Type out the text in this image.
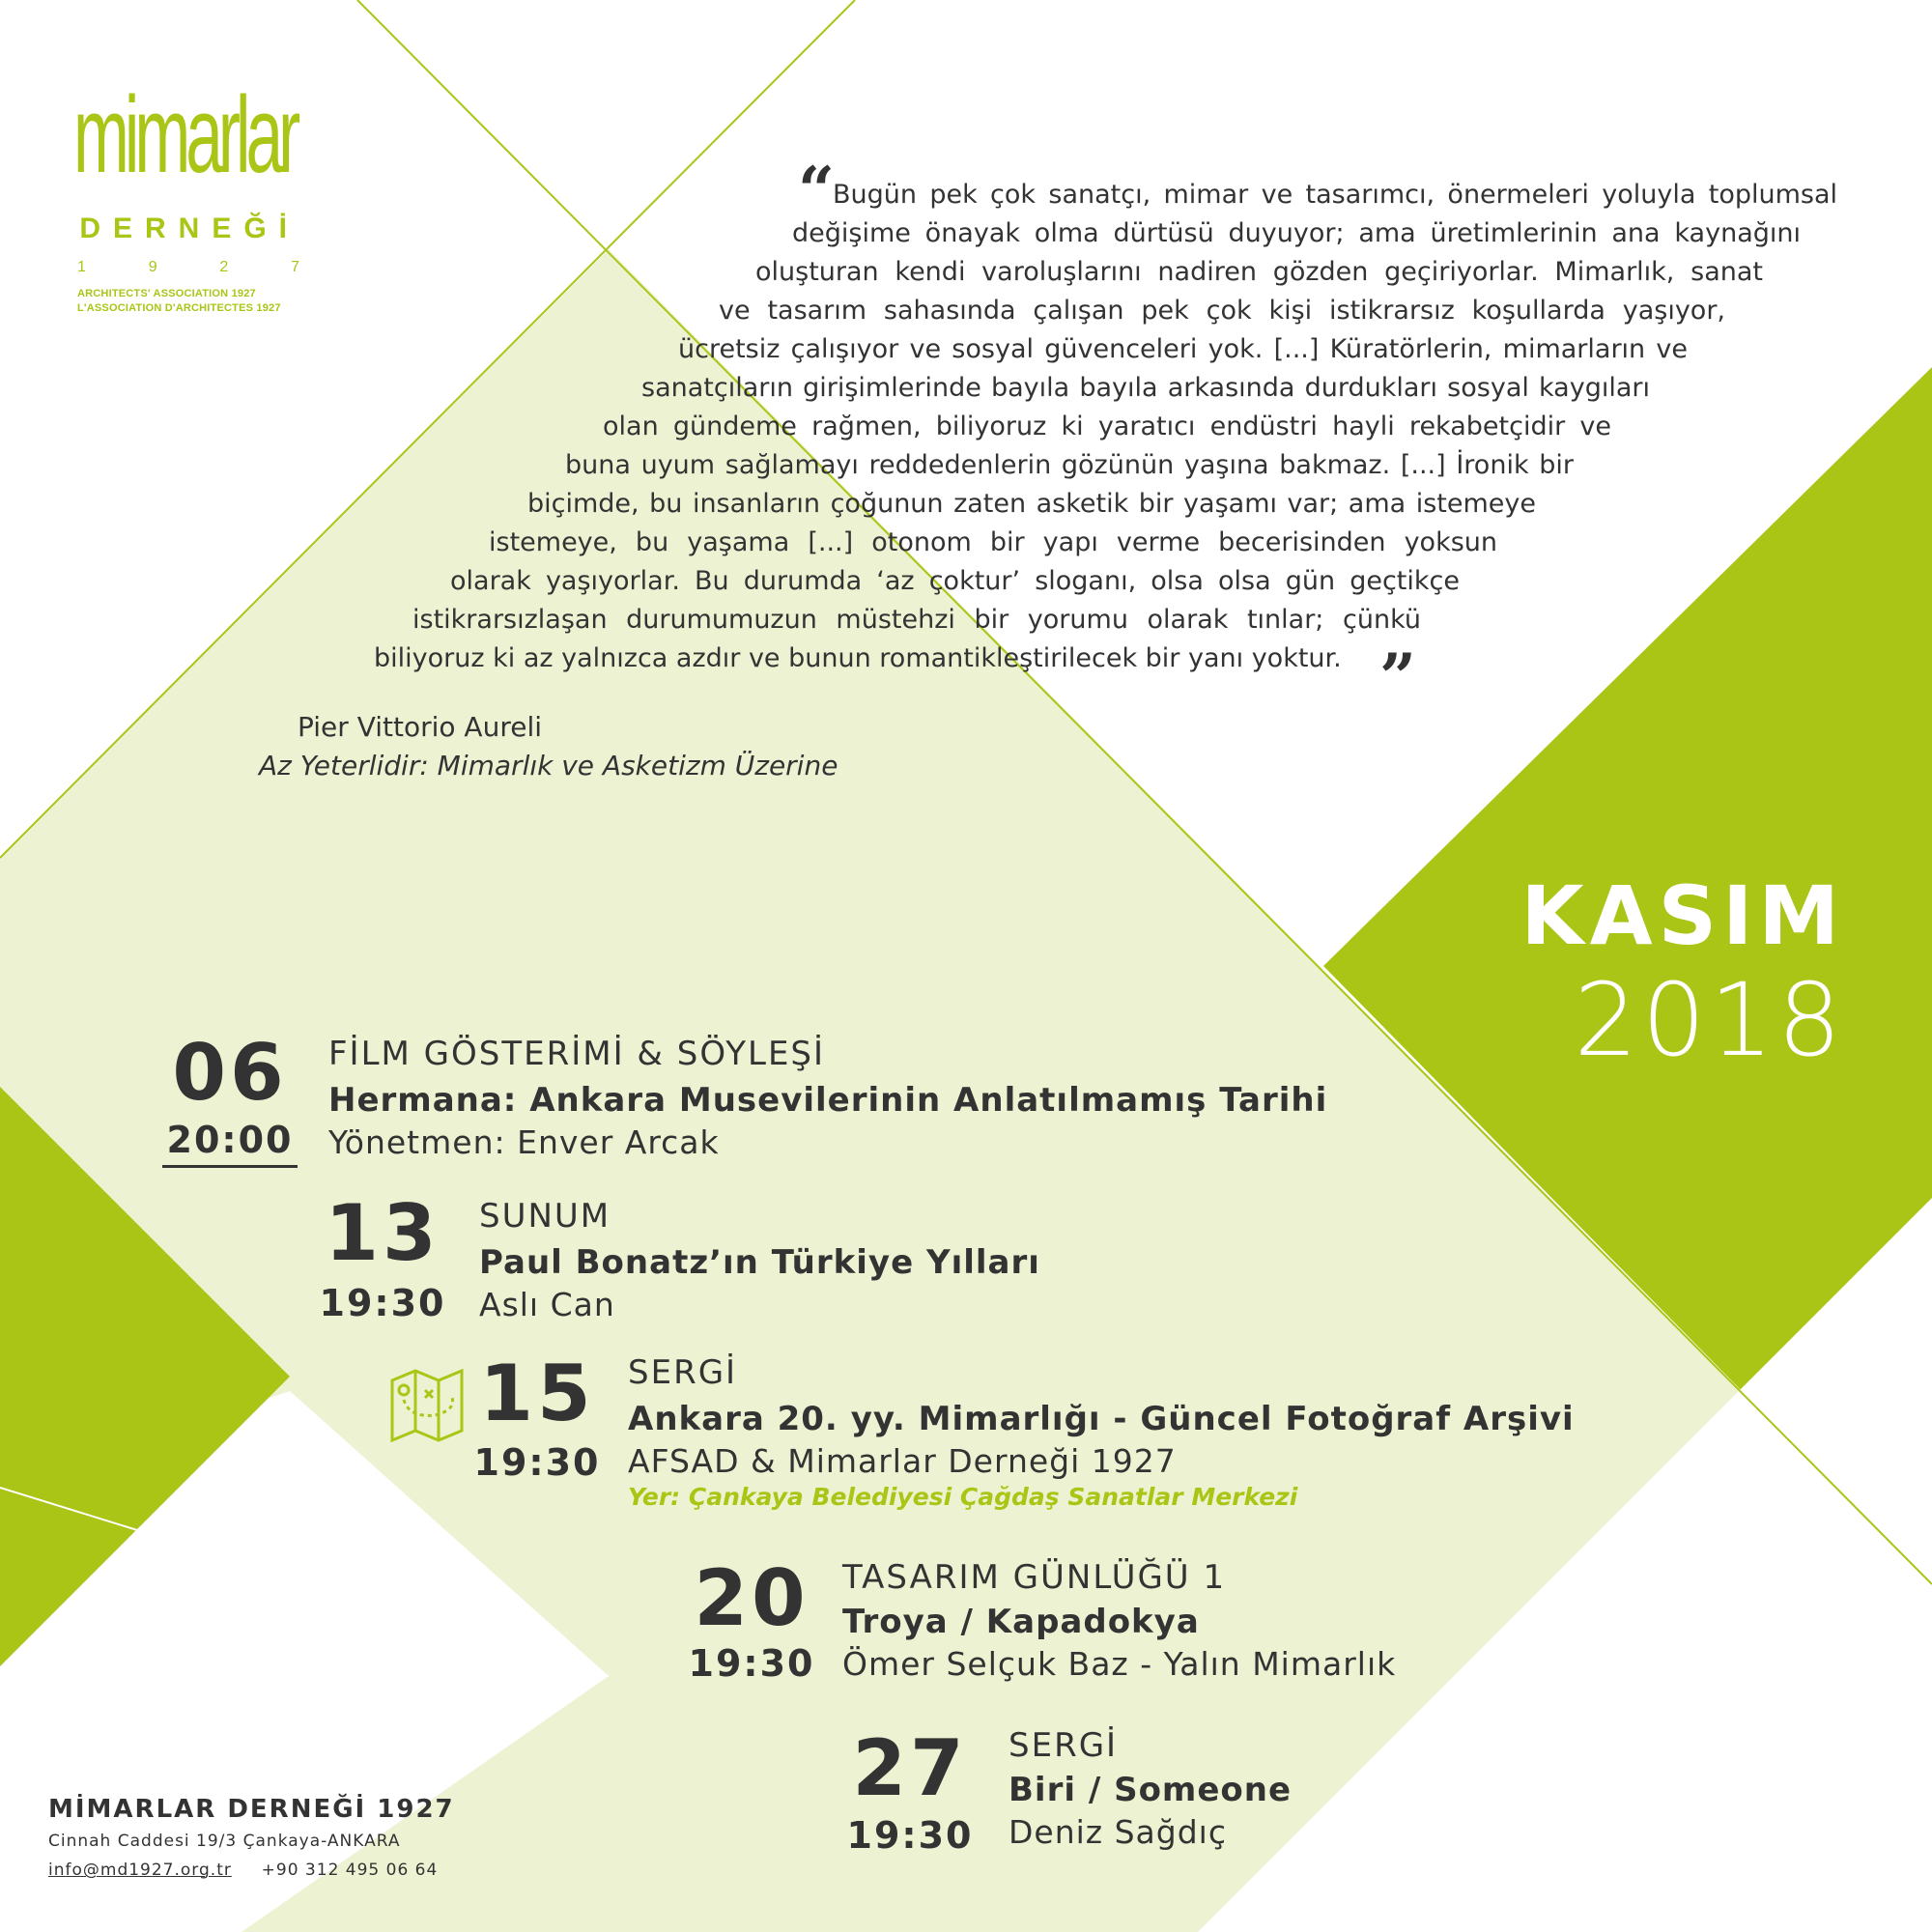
mimarlar
DERNEĞİ
1	9	2	7
ARCHITECTS' ASSOCIATION 1927
L'ASSOCIATION D'ARCHITECTES 1927
“
Bugün pek çok sanatçı, mimar ve tasarımcı, önermeleri yoluyla toplumsal
değişime önayak olma dürtüsü duyuyor; ama üretimlerinin ana kaynağını
oluşturan kendi varoluşlarını nadiren gözden geçiriyorlar. Mimarlık, sanat
ve tasarım sahasında çalışan pek çok kişi istikrarsız koşullarda yaşıyor,
ücretsiz çalışıyor ve sosyal güvenceleri yok. [...] Küratörlerin, mimarların ve
sanatçıların girişimlerinde bayıla bayıla arkasında durdukları sosyal kaygıları
olan gündeme rağmen, biliyoruz ki yaratıcı endüstri hayli rekabetçidir ve
buna uyum sağlamayı reddedenlerin gözünün yaşına bakmaz. [...] İronik bir
biçimde, bu insanların çoğunun zaten asketik bir yaşamı var; ama istemeye
istemeye, bu yaşama [...] otonom bir yapı verme becerisinden yoksun
olarak yaşıyorlar. Bu durumda ‘az çoktur’ sloganı, olsa olsa gün geçtikçe
istikrarsızlaşan durumumuzun müstehzi bir yorumu olarak tınlar; çünkü
biliyoruz ki az yalnızca azdır ve bunun romantikleştirilecek bir yanı yoktur. ”
Pier Vittorio Aureli
Az Yeterlidir: Mimarlık ve Asketizm Üzerine
KASIM
2018
06
20:00
FİLM GÖSTERİMİ & SÖYLEŞİ
Hermana: Ankara Musevilerinin Anlatılmamış Tarihi
Yönetmen: Enver Arcak
13
19:30
SUNUM
Paul Bonatz’ın Türkiye Yılları
Aslı Can
15
19:30
SERGİ
Ankara 20. yy. Mimarlığı - Güncel Fotoğraf Arşivi
AFSAD & Mimarlar Derneği 1927
Yer: Çankaya Belediyesi Çağdaş Sanatlar Merkezi
20
19:30
TASARIM GÜNLÜĞÜ 1
Troya / Kapadokya
Ömer Selçuk Baz - Yalın Mimarlık
27
19:30
SERGİ
Biri / Someone
Deniz Sağdıç
MİMARLAR DERNEĞİ 1927
Cinnah Caddesi 19/3 Çankaya-ANKARA
info@md1927.org.tr +90 312 495 06 64
